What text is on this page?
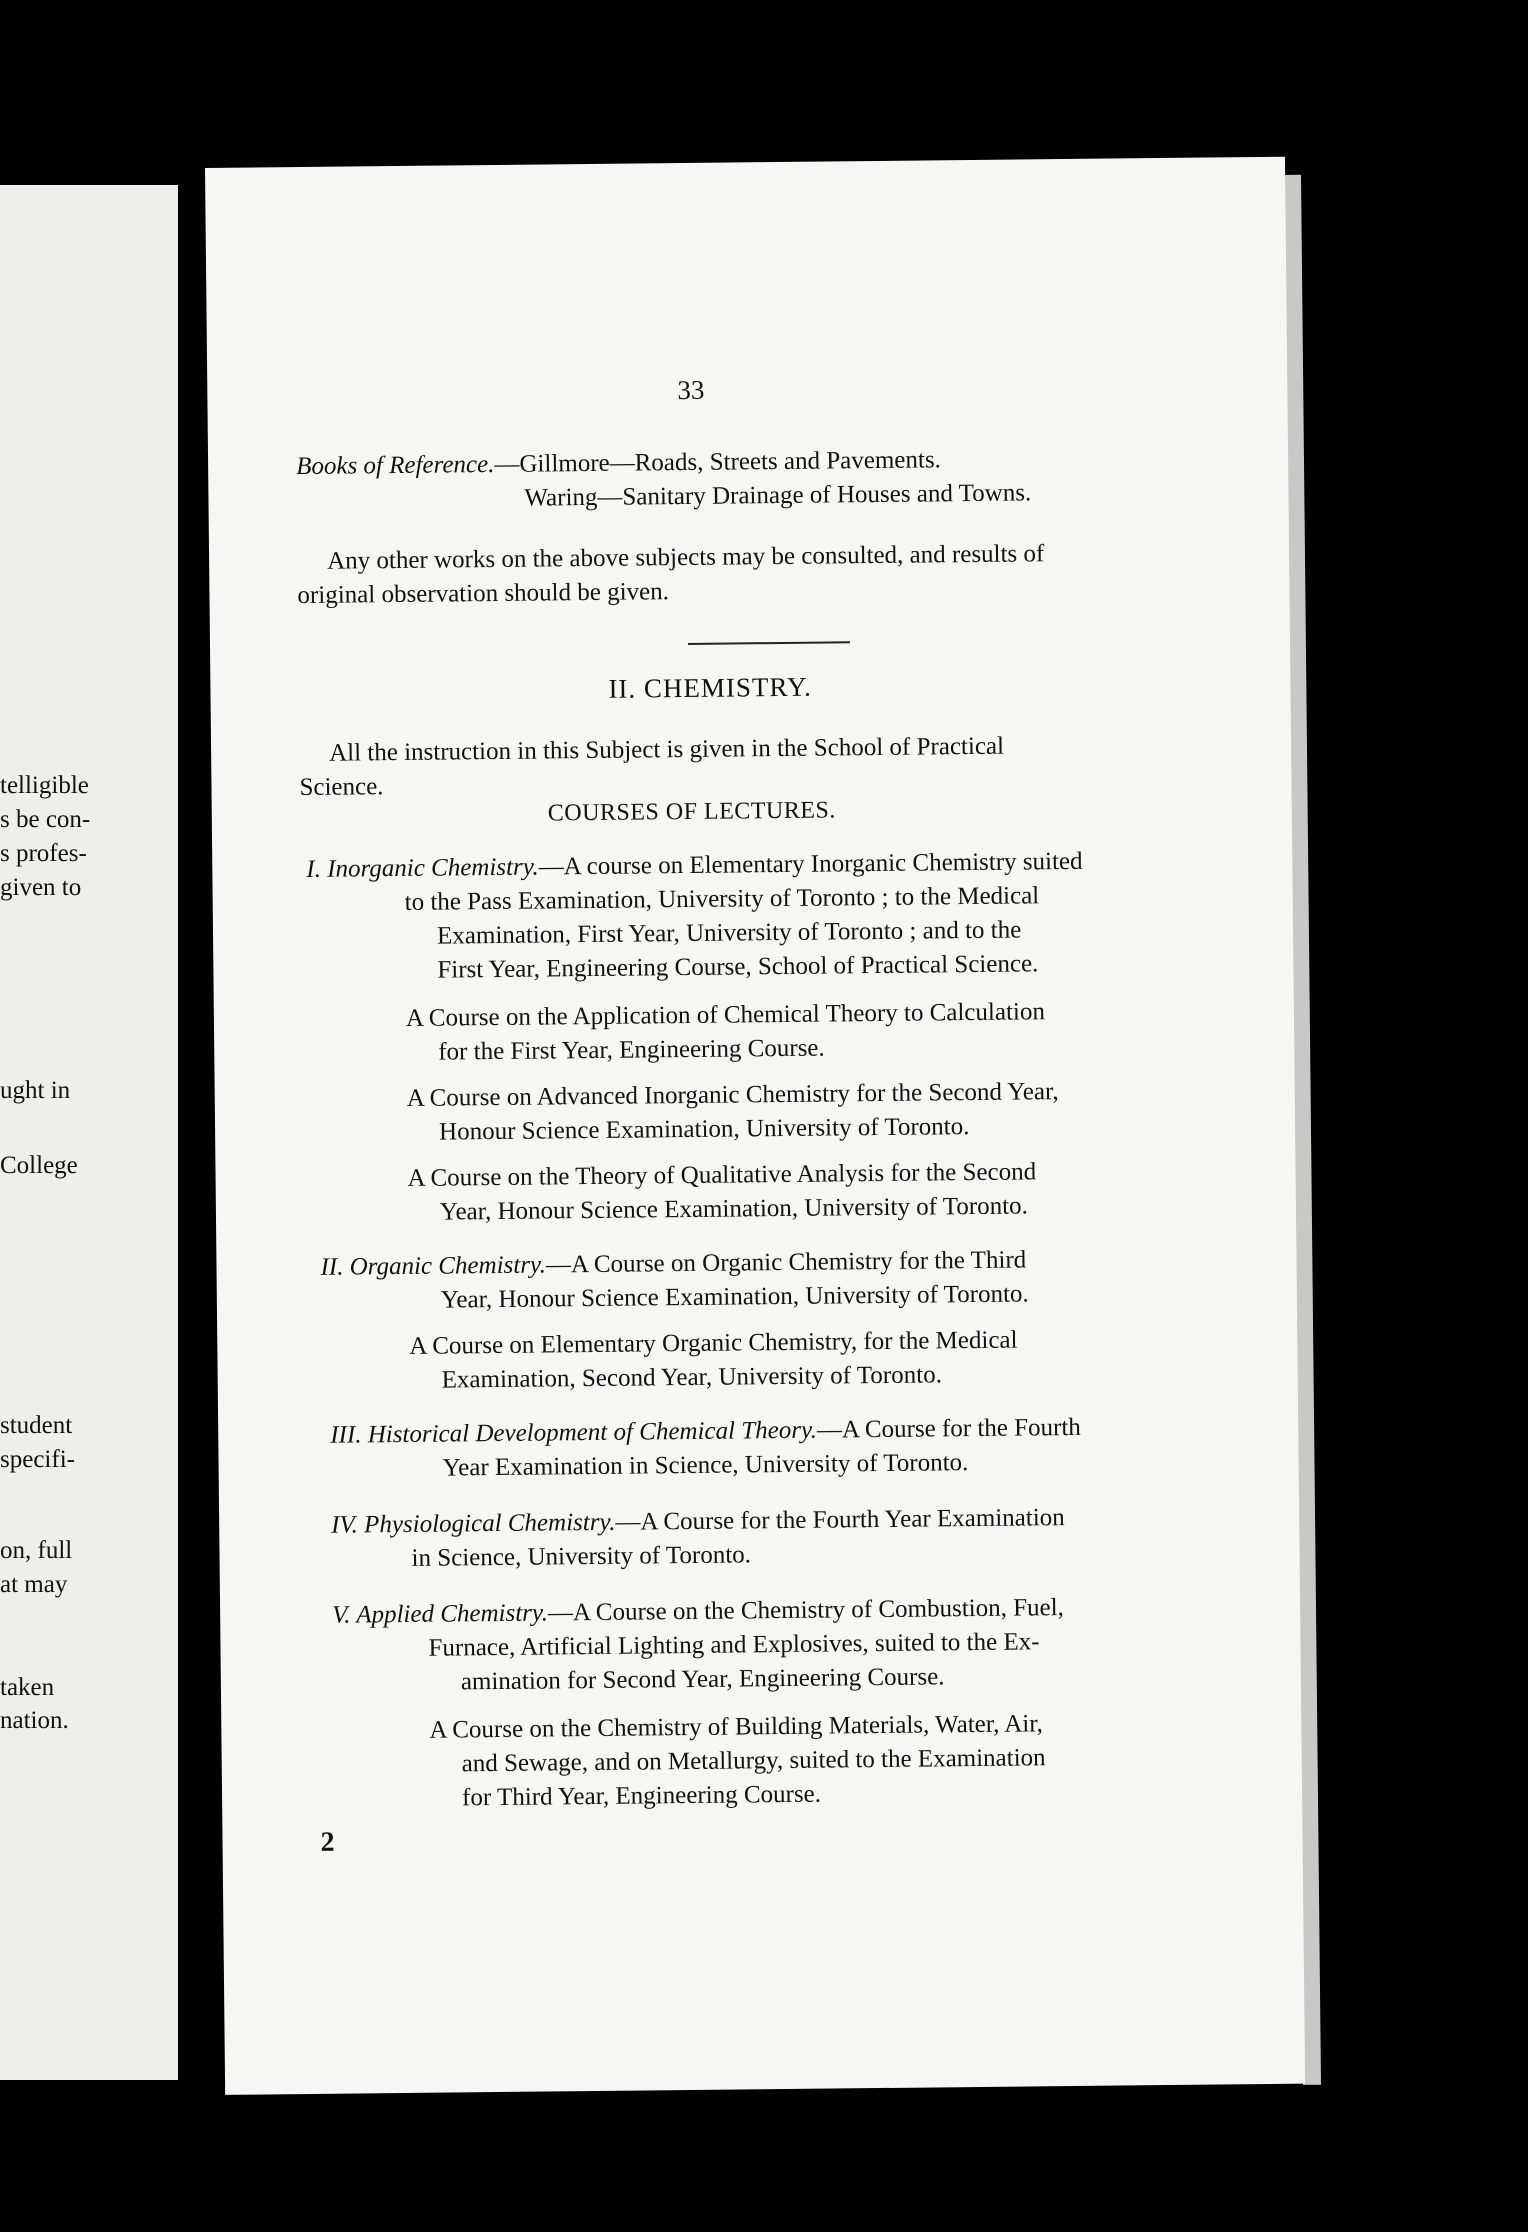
telligible
s be con-
s profes-
given to
ught in
College
student
specifi-
on, full
at may
taken
nation.
33
Books of Reference.—Gillmore—Roads, Streets and Pavements.
Waring—Sanitary Drainage of Houses and Towns.
Any other works on the above subjects may be consulted, and results of
original observation should be given.
II. CHEMISTRY.
All the instruction in this Subject is given in the School of Practical
Science.
COURSES OF LECTURES.
I. Inorganic Chemistry.—A course on Elementary Inorganic Chemistry suited
to the Pass Examination, University of Toronto ; to the Medical
Examination, First Year, University of Toronto ; and to the
First Year, Engineering Course, School of Practical Science.
A Course on the Application of Chemical Theory to Calculation
for the First Year, Engineering Course.
A Course on Advanced Inorganic Chemistry for the Second Year,
Honour Science Examination, University of Toronto.
A Course on the Theory of Qualitative Analysis for the Second
Year, Honour Science Examination, University of Toronto.
II. Organic Chemistry.—A Course on Organic Chemistry for the Third
Year, Honour Science Examination, University of Toronto.
A Course on Elementary Organic Chemistry, for the Medical
Examination, Second Year, University of Toronto.
III. Historical Development of Chemical Theory.—A Course for the Fourth
Year Examination in Science, University of Toronto.
IV. Physiological Chemistry.—A Course for the Fourth Year Examination
in Science, University of Toronto.
V. Applied Chemistry.—A Course on the Chemistry of Combustion, Fuel,
Furnace, Artificial Lighting and Explosives, suited to the Ex-
amination for Second Year, Engineering Course.
A Course on the Chemistry of Building Materials, Water, Air,
and Sewage, and on Metallurgy, suited to the Examination
for Third Year, Engineering Course.
2
